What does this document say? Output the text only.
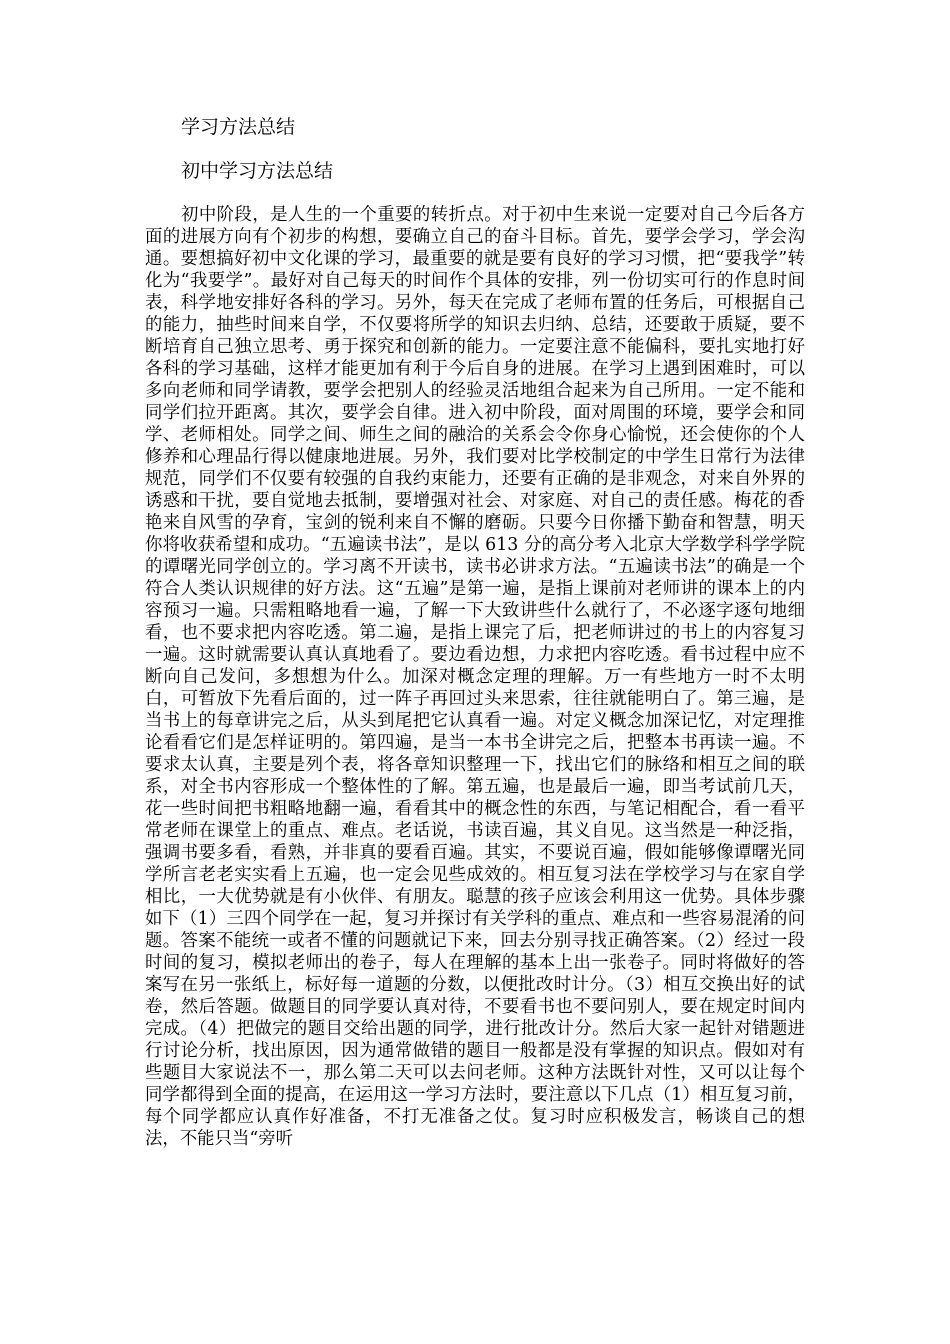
学习方法总结
初中学习方法总结

初中阶段，是人生的一个重要的转折点。对于初中生来说一定要对自己今后各方面的进展方向有个初步的构想，要确立自己的奋斗目标。首先，要学会学习，学会沟通。要想搞好初中文化课的学习，最重要的就是要有良好的学习习惯，把“要我学”转化为“我要学”。最好对自己每天的时间作个具体的安排，列一份切实可行的作息时间表，科学地安排好各科的学习。另外，每天在完成了老师布置的任务后，可根据自己的能力，抽些时间来自学，不仅要将所学的知识去归纳、总结，还要敢于质疑，要不断培育自己独立思考、勇于探究和创新的能力。一定要注意不能偏科，要扎实地打好各科的学习基础，这样才能更加有利于今后自身的进展。在学习上遇到困难时，可以多向老师和同学请教，要学会把别人的经验灵活地组合起来为自己所用。一定不能和同学们拉开距离。其次，要学会自律。进入初中阶段，面对周围的环境，要学会和同学、老师相处。同学之间、师生之间的融洽的关系会令你身心愉悦，还会使你的个人修养和心理品行得以健康地进展。另外，我们要对比学校制定的中学生日常行为法律规范，同学们不仅要有较强的自我约束能力，还要有正确的是非观念，对来自外界的诱惑和干扰，要自觉地去抵制，要增强对社会、对家庭、对自己的责任感。梅花的香艳来自风雪的孕育，宝剑的锐利来自不懈的磨砺。只要今日你播下勤奋和智慧，明天你将收获希望和成功。“五遍读书法”，是以 613 分的高分考入北京大学数学科学学院的谭曙光同学创立的。学习离不开读书，读书必讲求方法。“五遍读书法”的确是一个符合人类认识规律的好方法。这“五遍”是第一遍，是指上课前对老师讲的课本上的内容预习一遍。只需粗略地看一遍，了解一下大致讲些什么就行了，不必逐字逐句地细看，也不要求把内容吃透。第二遍，是指上课完了后，把老师讲过的书上的内容复习一遍。这时就需要认真认真地看了。要边看边想，力求把内容吃透。看书过程中应不断向自己发问，多想想为什么。加深对概念定理的理解。万一有些地方一时不太明白，可暂放下先看后面的，过一阵子再回过头来思索，往往就能明白了。第三遍，是当书上的每章讲完之后，从头到尾把它认真看一遍。对定义概念加深记忆，对定理推论看看它们是怎样证明的。第四遍，是当一本书全讲完之后，把整本书再读一遍。不要求太认真，主要是列个表，将各章知识整理一下，找出它们的脉络和相互之间的联系，对全书内容形成一个整体性的了解。第五遍，也是最后一遍，即当考试前几天，花一些时间把书粗略地翻一遍，看看其中的概念性的东西，与笔记相配合，看一看平常老师在课堂上的重点、难点。老话说，书读百遍，其义自见。这当然是一种泛指，强调书要多看，看熟，并非真的要看百遍。其实，不要说百遍，假如能够像谭曙光同学所言老老实实看上五遍，也一定会见些成效的。相互复习法在学校学习与在家自学相比，一大优势就是有小伙伴、有朋友。聪慧的孩子应该会利用这一优势。具体步骤如下（1）三四个同学在一起，复习并探讨有关学科的重点、难点和一些容易混淆的问题。答案不能统一或者不懂的问题就记下来，回去分别寻找正确答案。（2）经过一段时间的复习，模拟老师出的卷子，每人在理解的基本上出一张卷子。同时将做好的答案写在另一张纸上，标好每一道题的分数，以便批改时计分。（3）相互交换出好的试卷，然后答题。做题目的同学要认真对待，不要看书也不要问别人，要在规定时间内完成。（4）把做完的题目交给出题的同学，进行批改计分。然后大家一起针对错题进行讨论分析，找出原因，因为通常做错的题目一般都是没有掌握的知识点。假如对有些题目大家说法不一，那么第二天可以去问老师。这种方法既针对性，又可以让每个同学都得到全面的提高，在运用这一学习方法时，要注意以下几点（1）相互复习前，每个同学都应认真作好准备，不打无准备之仗。复习时应积极发言，畅谈自己的想法，不能只当“旁听
